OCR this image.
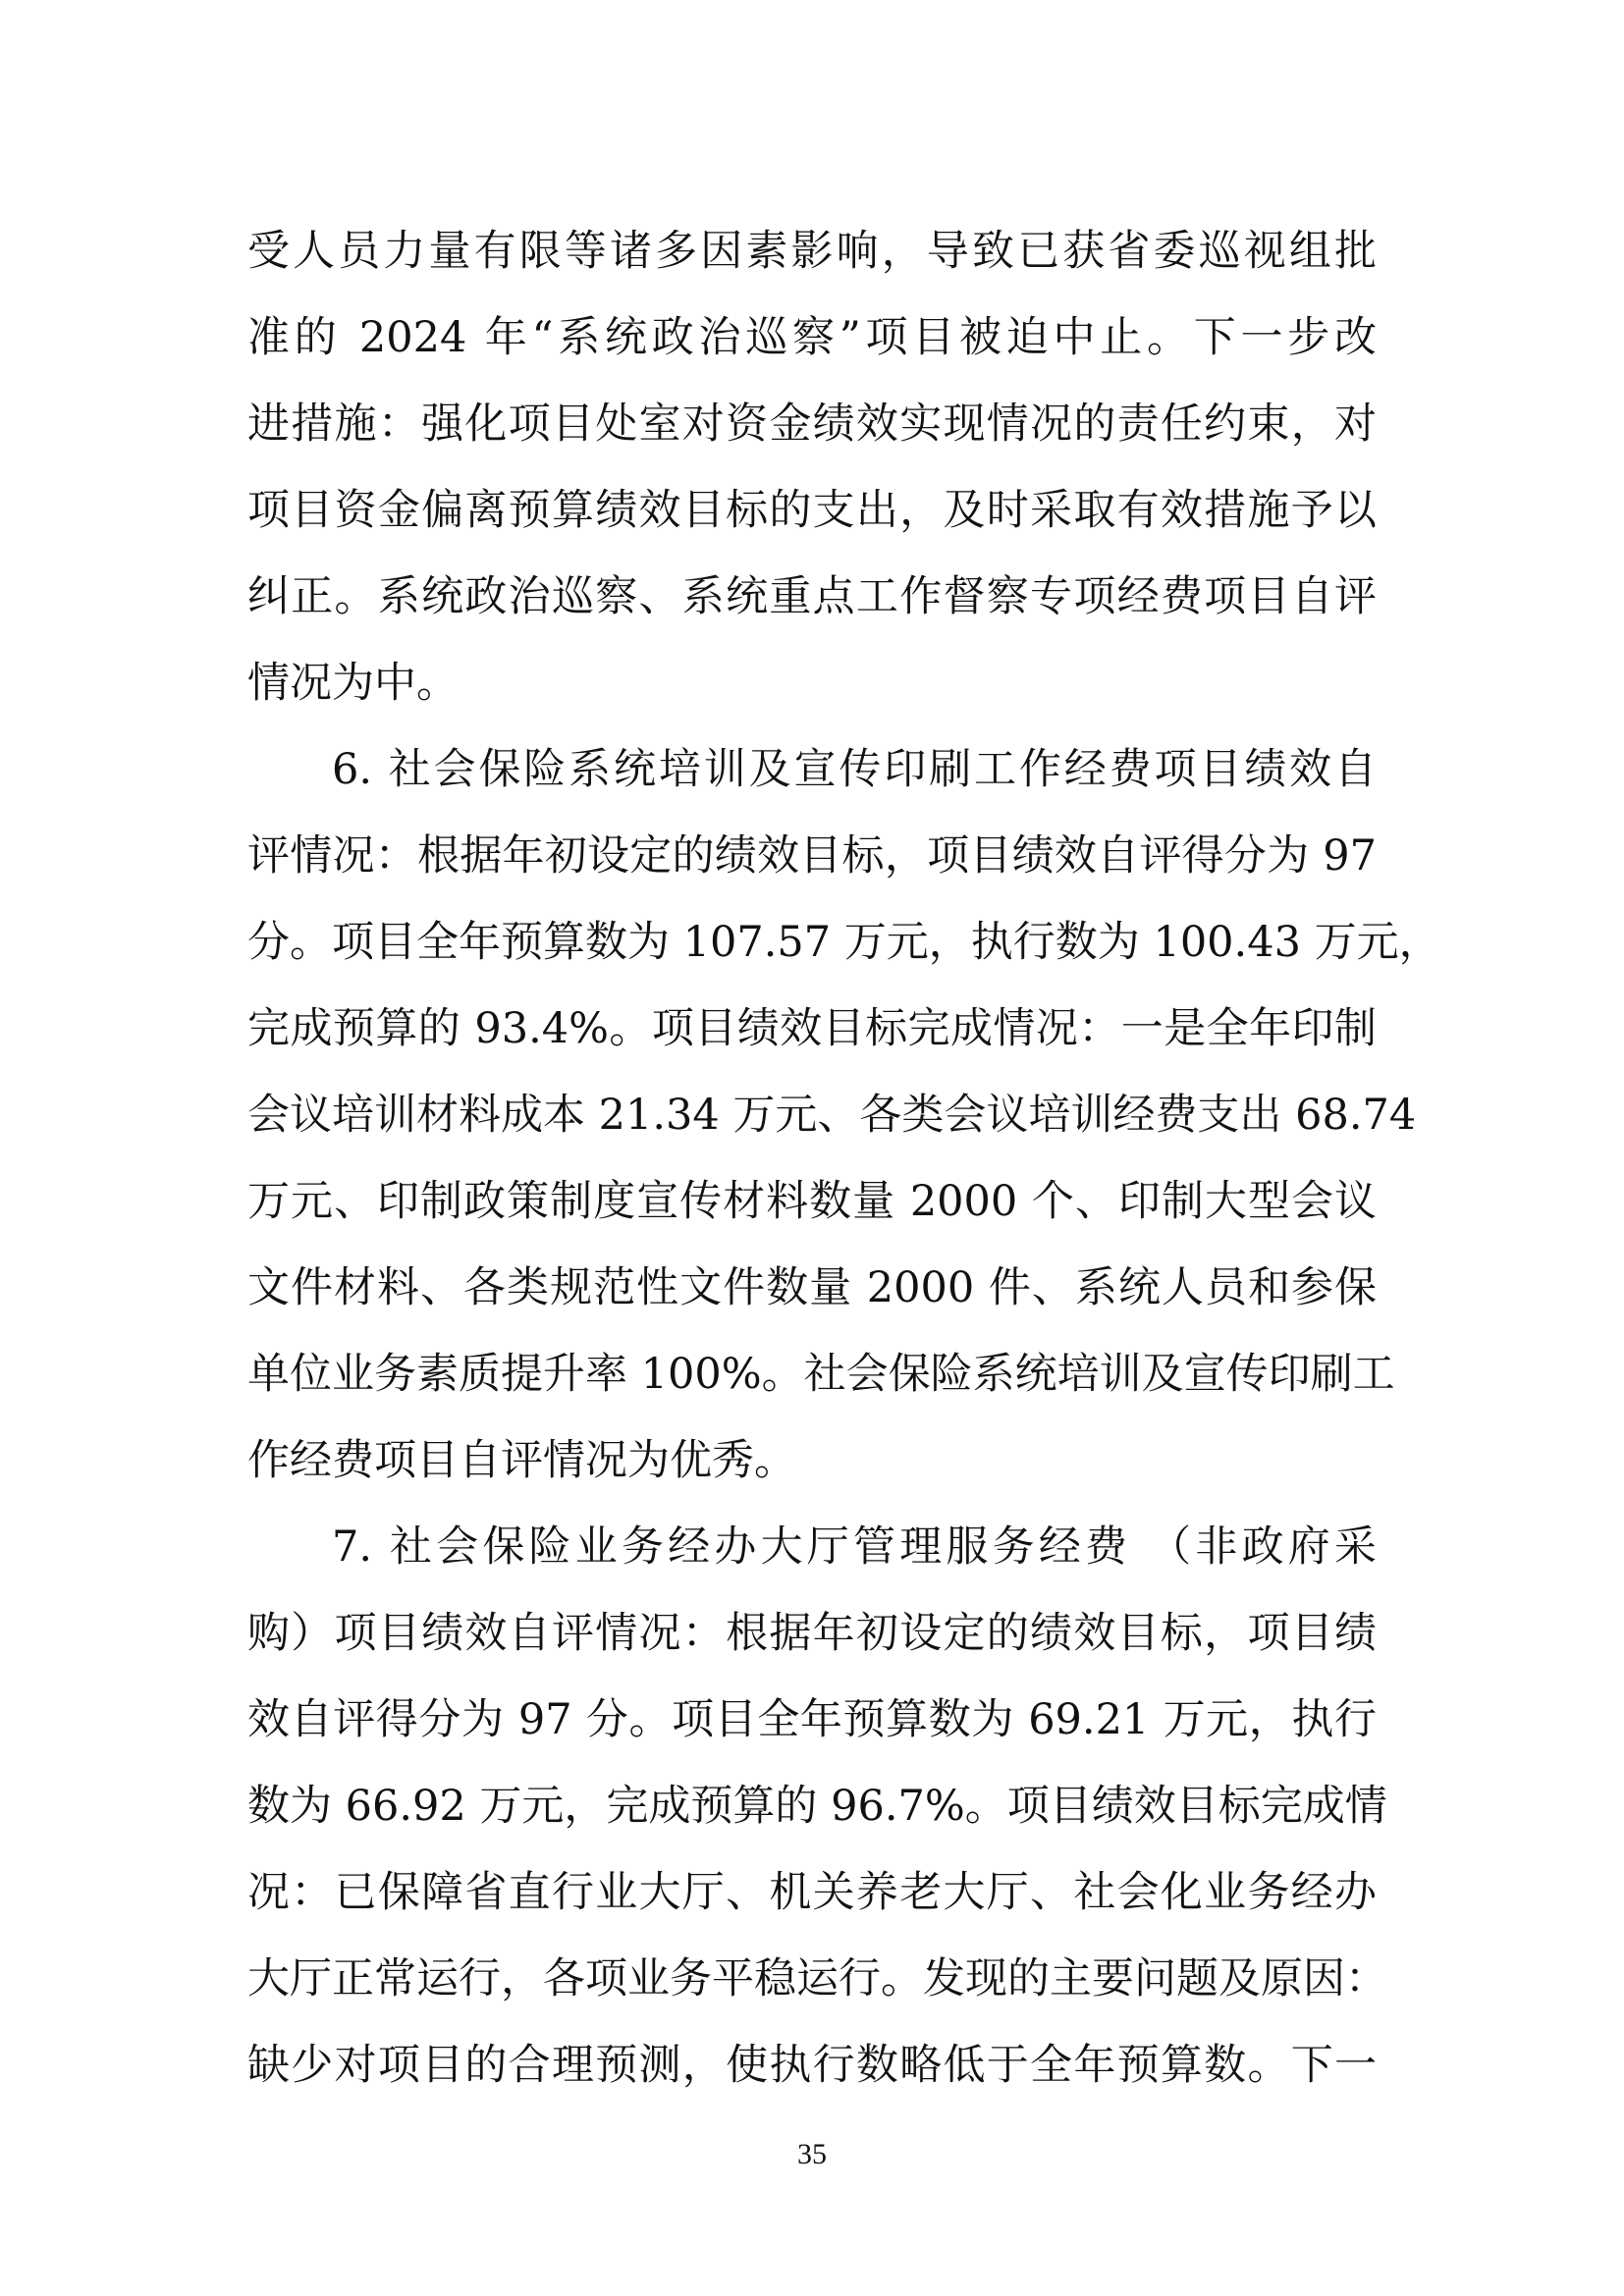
受人员力量有限等诸多因素影响，导致已获省委巡视组批
准的 2024 年“系统政治巡察”项目被迫中止。下一步改
进措施：强化项目处室对资金绩效实现情况的责任约束，对
项目资金偏离预算绩效目标的支出，及时采取有效措施予以
纠正。系统政治巡察、系统重点工作督察专项经费项目自评
情况为中。
6. 社会保险系统培训及宣传印刷工作经费项目绩效自
评情况：根据年初设定的绩效目标，项目绩效自评得分为 97
分。项目全年预算数为 107.57 万元，执行数为 100.43 万元，
完成预算的 93.4%。项目绩效目标完成情况：一是全年印制
会议培训材料成本 21.34 万元、各类会议培训经费支出 68.74
万元、印制政策制度宣传材料数量 2000 个、印制大型会议
文件材料、各类规范性文件数量 2000 件、系统人员和参保
单位业务素质提升率 100%。社会保险系统培训及宣传印刷工
作经费项目自评情况为优秀。
7. 社会保险业务经办大厅管理服务经费 （非政府采
购）项目绩效自评情况：根据年初设定的绩效目标，项目绩
效自评得分为 97 分。项目全年预算数为 69.21 万元，执行
数为 66.92 万元，完成预算的 96.7%。项目绩效目标完成情
况：已保障省直行业大厅、机关养老大厅、社会化业务经办
大厅正常运行，各项业务平稳运行。发现的主要问题及原因：
缺少对项目的合理预测，使执行数略低于全年预算数。下一
35
